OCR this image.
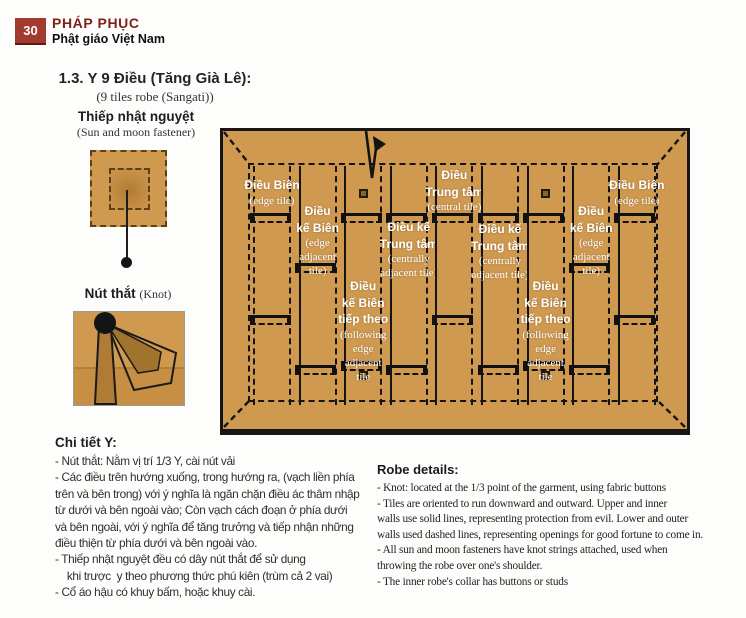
30 PHÁP PHỤC
Phật giáo Việt Nam
1.3. Y 9 Điều (Tăng Già Lê):
(9 tiles robe (Sangati))
Thiếp nhật nguyệt
(Sun and moon fastener)
Nút thắt (Knot)
Điều Biên
(edge tile)
Điều
kế Biên
(edge
adjacent
tile)
Điều
kế Biên
tiếp theo
(following
edge
adjacent
tile
Điều kế
Trung tâm
(centrally
adjacent tile)
Điều
Trung tâm
(central tile)
Điều kế
Trung tâm
(centrally
adjacent tile)
Điều
kế Biên
tiếp theo
(following
edge
adjacent
tile
Điều
kế Biên
(edge
adjacent
tile)
Điều Biên
(edge tile)
Chi tiết Y:
- Nút thắt: Nằm vị trí 1/3 Y, cài nút vải
- Các điều trên hướng xuống, trong hướng ra, (vạch liền phía
trên và bên trong) với ý nghĩa là ngăn chặn điều ác thâm nhập
từ dưới và bên ngoài vào; Còn vạch cách đoạn ở phía dưới
và bên ngoài, với ý nghĩa để tăng trưởng và tiếp nhận những
điều thiện từ phía dưới và bên ngoài vào.
- Thiếp nhật nguyệt đều có dây nút thắt để sử dụng
khi trược  y theo phương thức phú kiên (trùm cả 2 vai)
- Cổ áo hậu có khuy bấm, hoặc khuy cài.
Robe details:
- Knot: located at the 1/3 point of the garment, using fabric buttons
- Tiles are oriented to run downward and outward. Upper and inner
walls use solid lines, representing protection from evil. Lower and outer
walls used dashed lines, representing openings for good fortune to come in.
- All sun and moon fasteners have knot strings attached, used when
throwing the robe over one's shoulder.
- The inner robe's collar has buttons or studs
